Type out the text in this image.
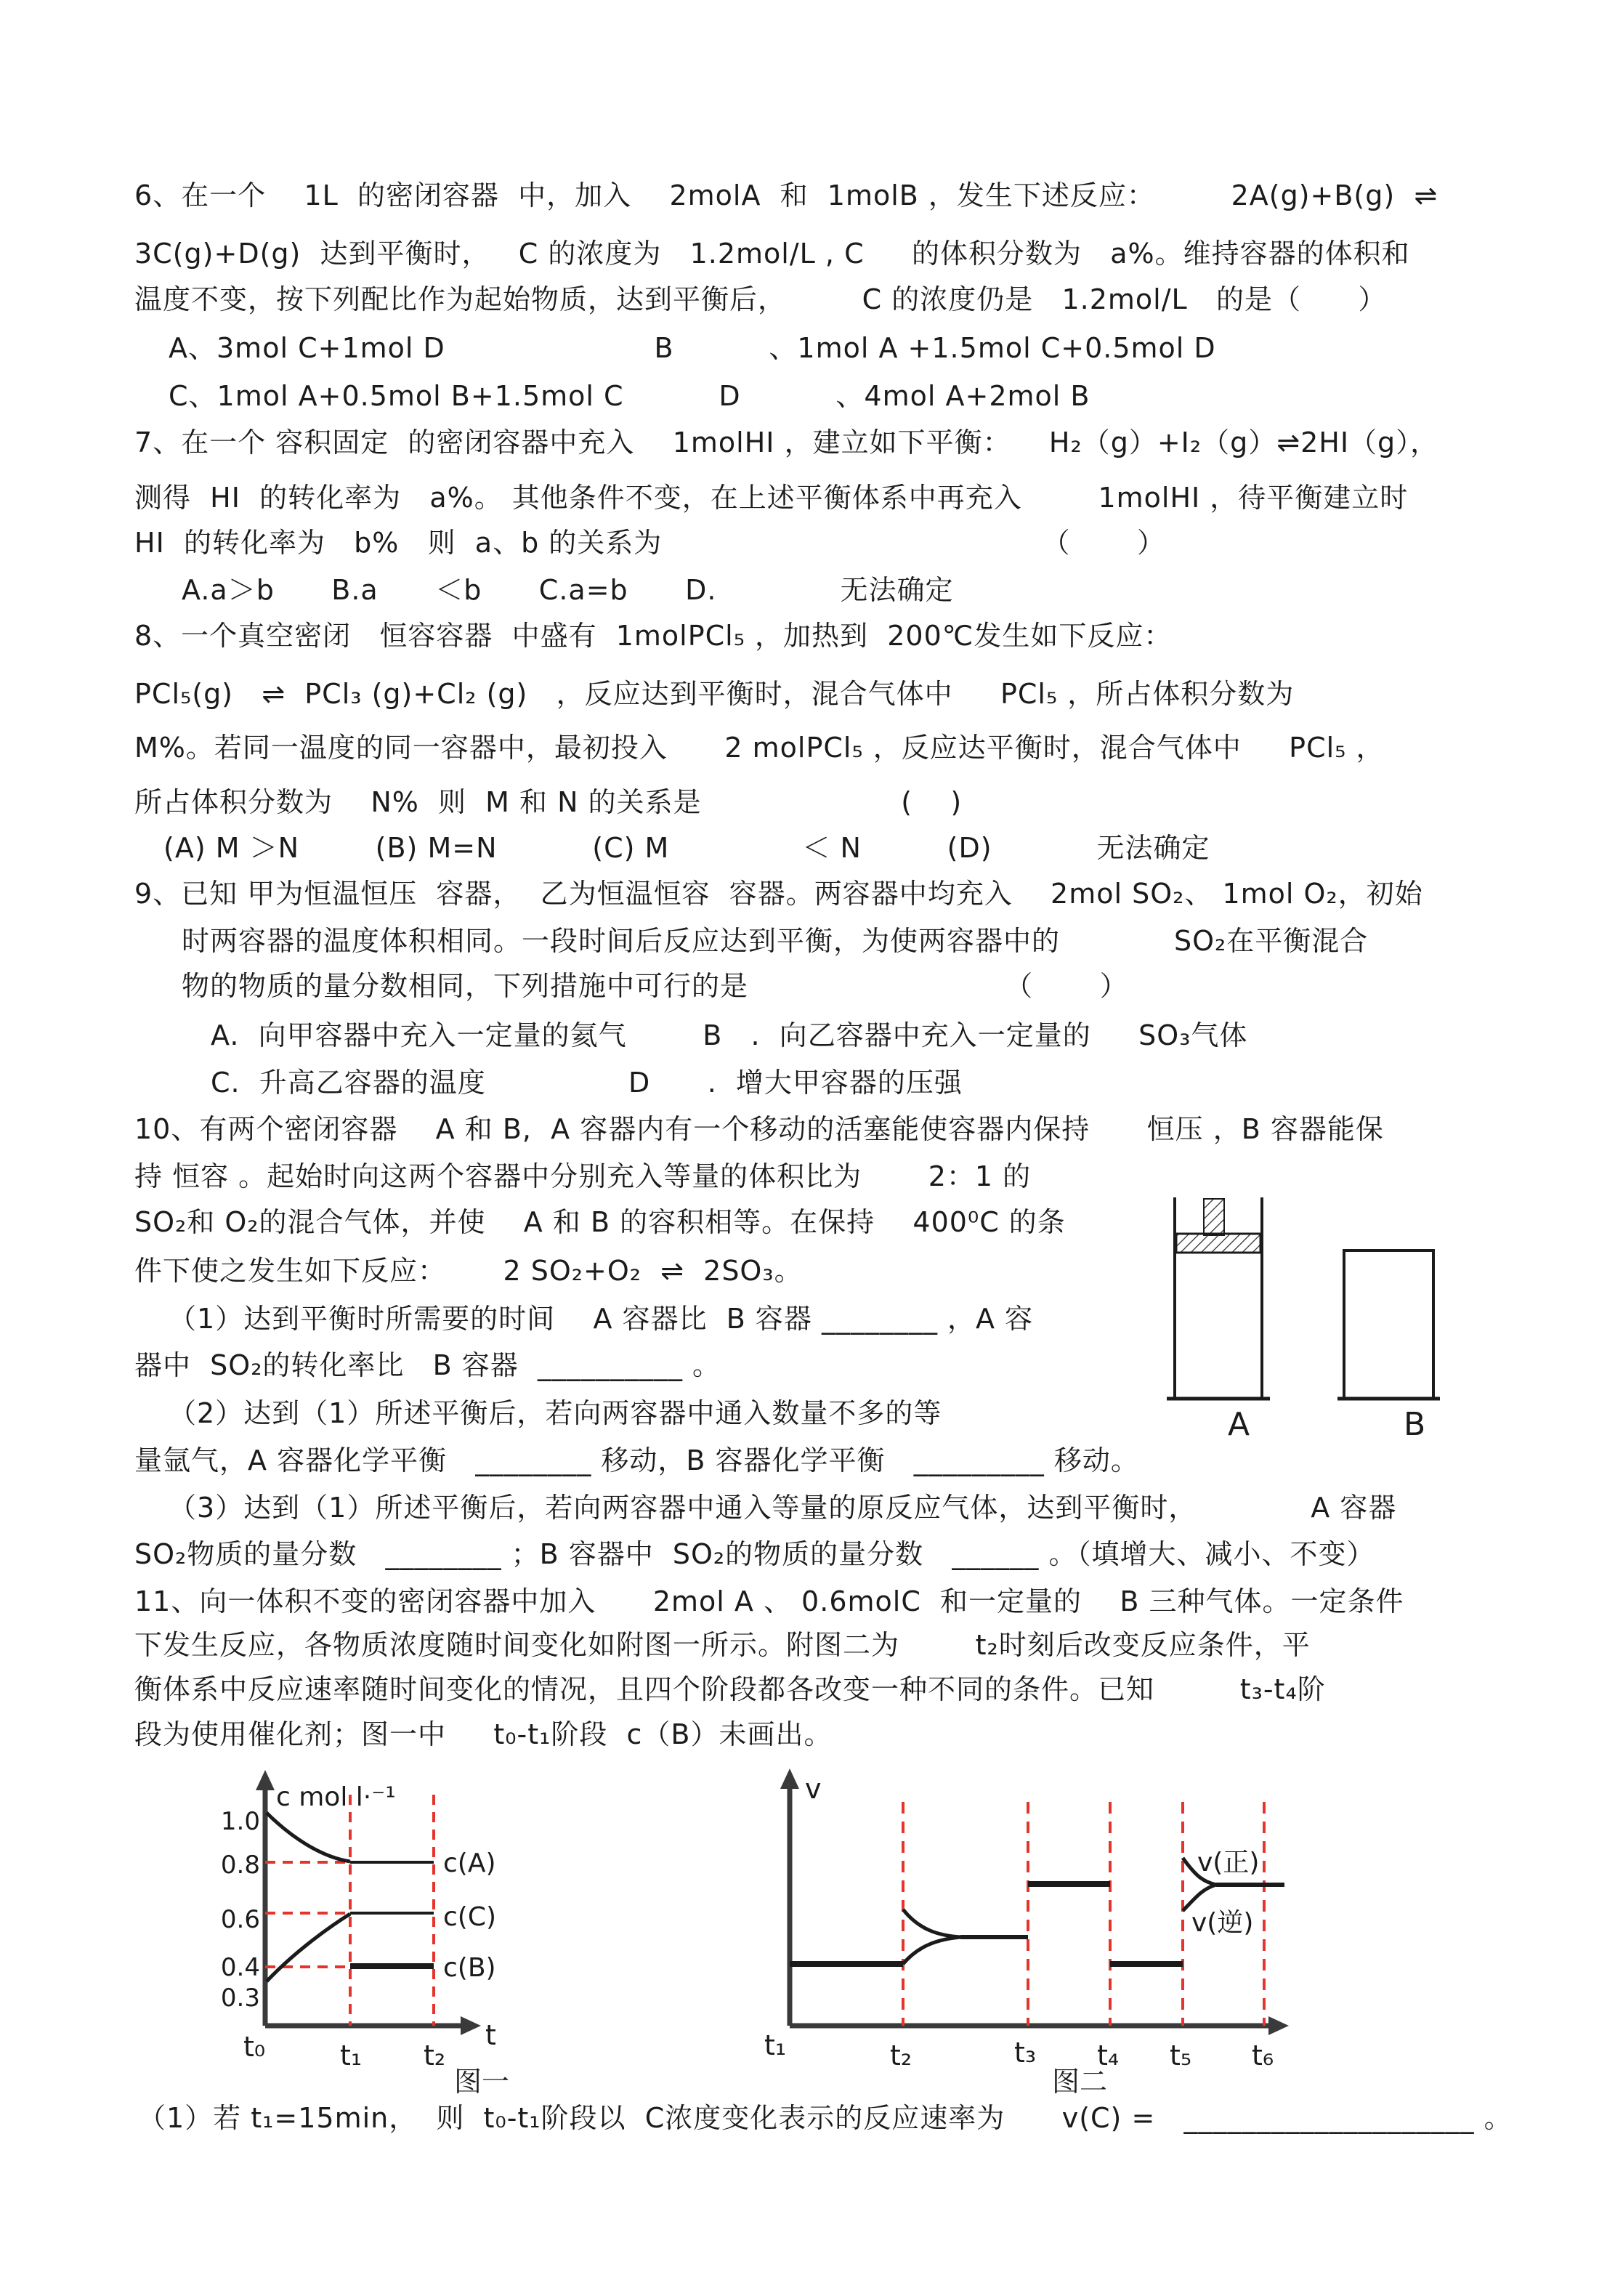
6、在一个    1L  的密闭容器  中，加入    2molA  和  1molB ，发生下述反应：        2A(g)+B(g)  ⇌
3C(g)+D(g)  达到平衡时，   C 的浓度为   1.2mol/L , C     的体积分数为   a%。维持容器的体积和
温度不变，按下列配比作为起始物质，达到平衡后，        C 的浓度仍是   1.2mol/L   的是（      ）
A、3mol C+1mol D                      B          、1mol A +1.5mol C+0.5mol D
C、1mol A+0.5mol B+1.5mol C          D          、4mol A+2mol B
7、在一个 容积固定  的密闭容器中充入    1molHI ，建立如下平衡：    H₂（g）+I₂（g）⇌2HI（g），
测得  HI  的转化率为   a%。 其他条件不变，在上述平衡体系中再充入        1molHI ，待平衡建立时
HI  的转化率为   b%   则  a、b 的关系为                                        （       ）
A.a＞b      B.a      ＜b      C.a=b      D.             无法确定
8、一个真空密闭   恒容容器  中盛有  1molPCl₅ ，加热到  200℃发生如下反应：
PCl₅(g)   ⇌  PCl₃ (g)+Cl₂ (g)   ，反应达到平衡时，混合气体中     PCl₅ ，所占体积分数为
M%。若同一温度的同一容器中，最初投入      2 molPCl₅ ，反应达平衡时，混合气体中     PCl₅ ，
所占体积分数为    N%  则  M 和 N 的关系是                     (    )
(A) M ＞N        (B) M=N          (C) M              ＜ N         (D)           无法确定
9、已知 甲为恒温恒压  容器，  乙为恒温恒容  容器。两容器中均充入    2mol SO₂、 1mol O₂，初始
时两容器的温度体积相同。一段时间后反应达到平衡，为使两容器中的            SO₂在平衡混合
物的物质的量分数相同，下列措施中可行的是                           （       ）
A.  向甲容器中充入一定量的氦气        B   .  向乙容器中充入一定量的     SO₃气体
C.  升高乙容器的温度               D      .  增大甲容器的压强
10、有两个密闭容器    A 和 B,  A 容器内有一个移动的活塞能使容器内保持      恒压 ，B 容器能保
持 恒容 。起始时向这两个容器中分别充入等量的体积比为       2：1 的
SO₂和 O₂的混合气体，并使    A 和 B 的容积相等。在保持    400⁰C 的条
件下使之发生如下反应：      2 SO₂+O₂  ⇌  2SO₃。
（1）达到平衡时所需要的时间    A 容器比  B 容器 ________ ，A 容
器中  SO₂的转化率比   B 容器  __________ 。
（2）达到（1）所述平衡后，若向两容器中通入数量不多的等
量氩气，A 容器化学平衡   ________ 移动，B 容器化学平衡   _________ 移动。
（3）达到（1）所述平衡后，若向两容器中通入等量的原反应气体，达到平衡时，            A 容器
SO₂物质的量分数   ________ ；B 容器中  SO₂的物质的量分数   ______ 。（填增大、减小、不变）
11、向一体积不变的密闭容器中加入      2mol A 、 0.6molC  和一定量的    B 三种气体。一定条件
下发生反应，各物质浓度随时间变化如附图一所示。附图二为        t₂时刻后改变反应条件，平
衡体系中反应速率随时间变化的情况，且四个阶段都各改变一种不同的条件。已知         t₃-t₄阶
段为使用催化剂；图一中     t₀-t₁阶段  c（B）未画出。
（1）若 t₁=15min，  则  t₀-t₁阶段以  C浓度变化表示的反应速率为      v(C) =   ____________________ 。
A	B
c mol l·⁻¹
1.0
0.8
0.6
0.4
0.3
c(A)
c(C)
c(B)
t₀	t₁ t₂
t
图一
v
v(正)
v(逆)
t₁	t₂	t₃ t₄ t₅ t₆
图二
